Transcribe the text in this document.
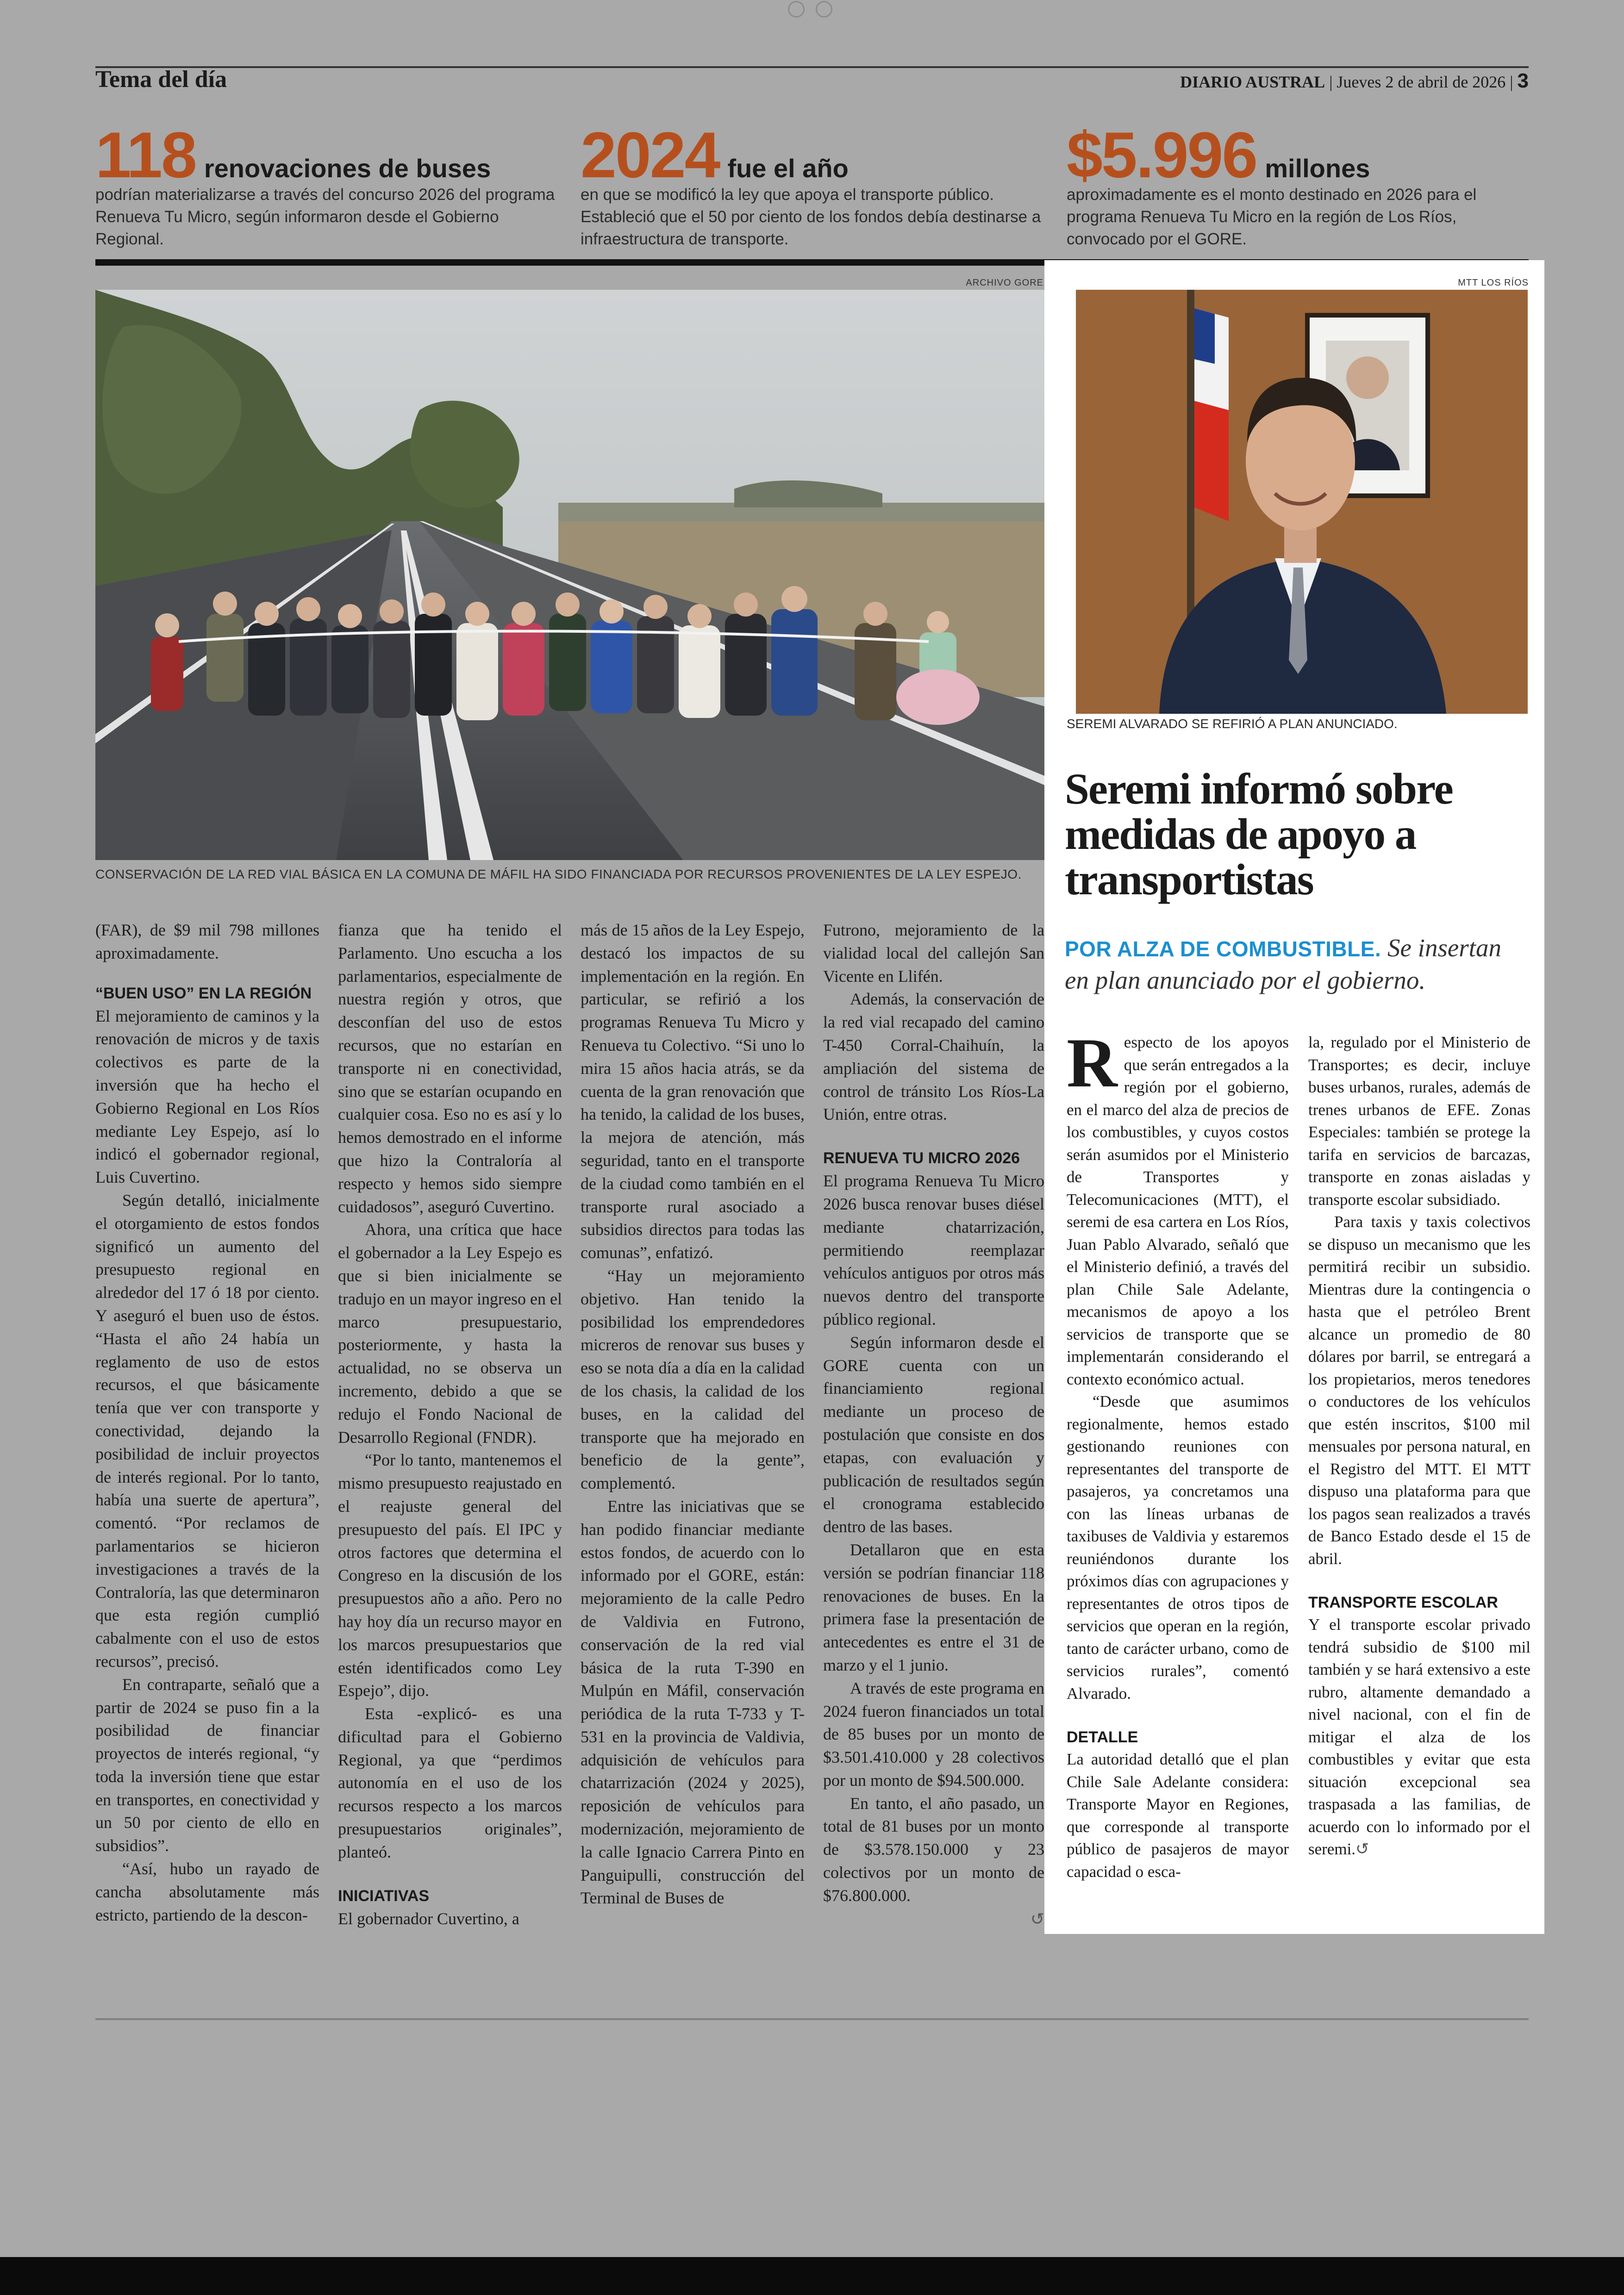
Tema del día	DIARIO AUSTRAL | Jueves 2 de abril de 2026 | 3
118 renovaciones de buses
podrían materializarse a través del concurso 2026 del programa Renueva Tu Micro, según informaron desde el Gobierno Regional.
2024 fue el año
en que se modificó la ley que apoya el transporte público. Estableció que el 50 por ciento de los fondos debía destinarse a infraestructura de transporte.
$5.996 millones
aproximadamente es el monto destinado en 2026 para el programa Renueva Tu Micro en la región de Los Ríos, convocado por el GORE.
ARCHIVO GORE
CONSERVACIÓN DE LA RED VIAL BÁSICA EN LA COMUNA DE MÁFIL HA SIDO FINANCIADA POR RECURSOS PROVENIENTES DE LA LEY ESPEJO.

(FAR), de $9 mil 798 millones aproximadamente.

“BUEN USO” EN LA REGIÓN

El mejoramiento de caminos y la renovación de micros y de taxis colectivos es parte de la inversión que ha hecho el Gobierno Regional en Los Ríos mediante Ley Espejo, así lo indicó el gobernador regional, Luis Cuvertino.

Según detalló, inicialmente el otorgamiento de estos fondos significó un aumento del presupuesto regional en alrededor del 17 ó 18 por ciento. Y aseguró el buen uso de éstos. “Hasta el año 24 había un reglamento de uso de estos recursos, el que básicamente tenía que ver con transporte y conectividad, dejando la posibilidad de incluir proyectos de interés regional. Por lo tanto, había una suerte de apertura”, comentó. “Por reclamos de parlamentarios se hicieron investigaciones a través de la Contraloría, las que determinaron que esta región cumplió cabalmente con el uso de estos recursos”, precisó.

En contraparte, señaló que a partir de 2024 se puso fin a la posibilidad de financiar proyectos de interés regional, “y toda la inversión tiene que estar en transportes, en conectividad y un 50 por ciento de ello en subsidios”.

“Así, hubo un rayado de cancha absolutamente más estricto, partiendo de la descon-

fianza que ha tenido el Parlamento. Uno escucha a los parlamentarios, especialmente de nuestra región y otros, que desconfían del uso de estos recursos, que no estarían en transporte ni en conectividad, sino que se estarían ocupando en cualquier cosa. Eso no es así y lo hemos demostrado en el informe que hizo la Contraloría al respecto y hemos sido siempre cuidadosos”, aseguró Cuvertino.

Ahora, una crítica que hace el gobernador a la Ley Espejo es que si bien inicialmente se tradujo en un mayor ingreso en el marco presupuestario, posteriormente, y hasta la actualidad, no se observa un incremento, debido a que se redujo el Fondo Nacional de Desarrollo Regional (FNDR).

“Por lo tanto, mantenemos el mismo presupuesto reajustado en el reajuste general del presupuesto del país. El IPC y otros factores que determina el Congreso en la discusión de los presupuestos año a año. Pero no hay hoy día un recurso mayor en los marcos presupuestarios que estén identificados como Ley Espejo”, dijo.

Esta -explicó- es una dificultad para el Gobierno Regional, ya que “perdimos autonomía en el uso de los recursos respecto a los marcos presupuestarios originales”, planteó.

INICIATIVAS

El gobernador Cuvertino, a

más de 15 años de la Ley Espejo, destacó los impactos de su implementación en la región. En particular, se refirió a los programas Renueva Tu Micro y Renueva tu Colectivo. “Si uno lo mira 15 años hacia atrás, se da cuenta de la gran renovación que ha tenido, la calidad de los buses, la mejora de atención, más seguridad, tanto en el transporte de la ciudad como también en el transporte rural asociado a subsidios directos para todas las comunas”, enfatizó.

“Hay un mejoramiento objetivo. Han tenido la posibilidad los emprendedores micreros de renovar sus buses y eso se nota día a día en la calidad de los chasis, la calidad de los buses, en la calidad del transporte que ha mejorado en beneficio de la gente”, complementó.

Entre las iniciativas que se han podido financiar mediante estos fondos, de acuerdo con lo informado por el GORE, están: mejoramiento de la calle Pedro de Valdivia en Futrono, conservación de la red vial básica de la ruta T-390 en Mulpún en Máfil, conservación periódica de la ruta T-733 y T-531 en la provincia de Valdivia, adquisición de vehículos para chatarrización (2024 y 2025), reposición de vehículos para modernización, mejoramiento de la calle Ignacio Carrera Pinto en Panguipulli, construcción del Terminal de Buses de

Futrono, mejoramiento de la vialidad local del callejón San Vicente en Llifén.

Además, la conservación de la red vial recapado del camino T-450 Corral-Chaihuín, la ampliación del sistema de control de tránsito Los Ríos-La Unión, entre otras.

RENUEVA TU MICRO 2026

El programa Renueva Tu Micro 2026 busca renovar buses diésel mediante chatarrización, permitiendo reemplazar vehículos antiguos por otros más nuevos dentro del transporte público regional.

Según informaron desde el GORE cuenta con un financiamiento regional mediante un proceso de postulación que consiste en dos etapas, con evaluación y publicación de resultados según el cronograma establecido dentro de las bases.

Detallaron que en esta versión se podrían financiar 118 renovaciones de buses. En la primera fase la presentación de antecedentes es entre el 31 de marzo y el 1 junio.

A través de este programa en 2024 fueron financiados un total de 85 buses por un monto de $3.501.410.000 y 28 colectivos por un monto de $94.500.000.

En tanto, el año pasado, un total de 81 buses por un monto de $3.578.150.000 y 23 colectivos por un monto de $76.800.000.

↺
MTT LOS RÍOS
SEREMI ALVARADO SE REFIRIÓ A PLAN ANUNCIADO.
Seremi informó sobre medidas de apoyo a transportistas
POR ALZA DE COMBUSTIBLE. Se insertan en plan anunciado por el gobierno.

Respecto de los apoyos que serán entregados a la región por el gobierno, en el marco del alza de precios de los combustibles, y cuyos costos serán asumidos por el Ministerio de Transportes y Telecomunicaciones (MTT), el seremi de esa cartera en Los Ríos, Juan Pablo Alvarado, señaló que el Ministerio definió, a través del plan Chile Sale Adelante, mecanismos de apoyo a los servicios de transporte que se implementarán considerando el contexto económico actual.

“Desde que asumimos regionalmente, hemos estado gestionando reuniones con representantes del transporte de pasajeros, ya concretamos una con las líneas urbanas de taxibuses de Valdivia y estaremos reuniéndonos durante los próximos días con agrupaciones y representantes de otros tipos de servicios que operan en la región, tanto de carácter urbano, como de servicios rurales”, comentó Alvarado.

DETALLE

La autoridad detalló que el plan Chile Sale Adelante considera: Transporte Mayor en Regiones, que corresponde al transporte público de pasajeros de mayor capacidad o esca-

la, regulado por el Ministerio de Transportes; es decir, incluye buses urbanos, rurales, además de trenes urbanos de EFE. Zonas Especiales: también se protege la tarifa en servicios de barcazas, transporte en zonas aisladas y transporte escolar subsidiado.

Para taxis y taxis colectivos se dispuso un mecanismo que les permitirá recibir un subsidio. Mientras dure la contingencia o hasta que el petróleo Brent alcance un promedio de 80 dólares por barril, se entregará a los propietarios, meros tenedores o conductores de los vehículos que estén inscritos, $100 mil mensuales por persona natural, en el Registro del MTT. El MTT dispuso una plataforma para que los pagos sean realizados a través de Banco Estado desde el 15 de abril.

TRANSPORTE ESCOLAR

Y el transporte escolar privado tendrá subsidio de $100 mil también y se hará extensivo a este rubro, altamente demandado a nivel nacional, con el fin de mitigar el alza de los combustibles y evitar que esta situación excepcional sea traspasada a las familias, de acuerdo con lo informado por el seremi.↺
